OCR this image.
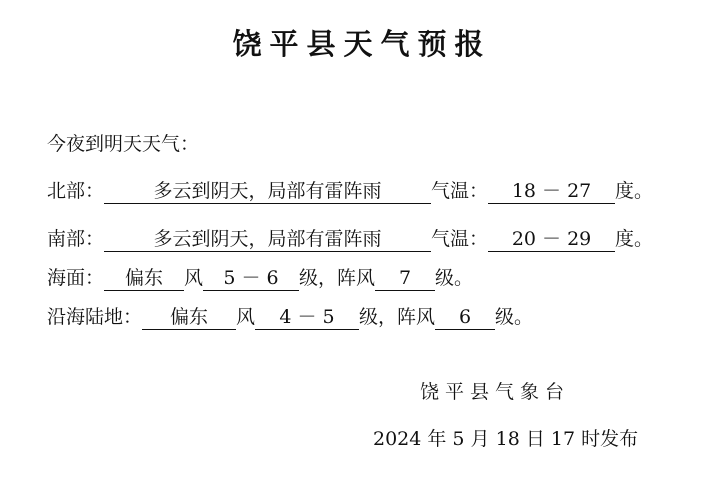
饶平县天气预报
今夜到明天天气：
北部：	多云到阴天，局部有雷阵雨	气温： 18 － 27 度。
南部：	多云到阴天，局部有雷阵雨	气温： 20 － 29 度。
海面： 偏东 风 5 － 6 级，阵风 7 级。
沿海陆地： 偏东 风 4 － 5 级，阵风 6 级。
饶平县气象台
2024 年 5 月 18 日 17 时发布
